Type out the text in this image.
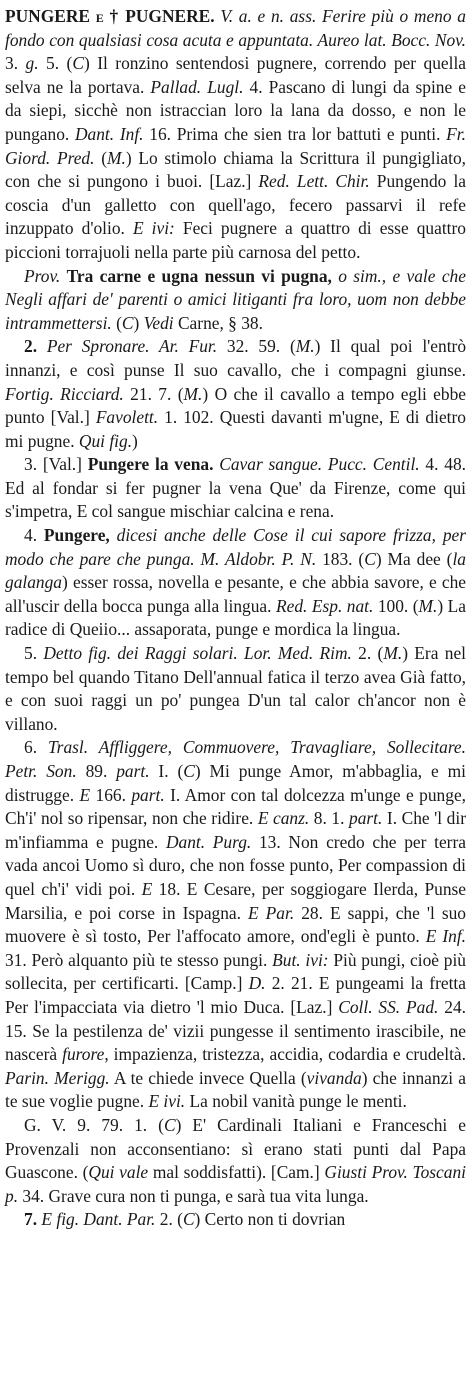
PUNGERE e † PUGNERE. V. a. e n. ass. Ferire più o meno a fondo con qualsiasi cosa acuta e appuntata. Aureo lat. Bocc. Nov. 3. g. 5. (C) Il ronzino sentendosi pugnere, correndo per quella selva ne la portava. Pallad. Lugl. 4. Pascano di lungi da spine e da siepi, sicchè non istraccian loro la lana da dosso, e non le pungano. Dant. Inf. 16. Prima che sien tra lor battuti e punti. Fr. Giord. Pred. (M.) Lo stimolo chiama la Scrittura il pungigliato, con che si pungono i buoi. [Laz.] Red. Lett. Chir. Pungendo la coscia d'un galletto con quell'ago, fecero passarvi il refe inzuppato d'olio. E ivi: Feci pugnere a quattro di esse quattro piccioni torrajuoli nella parte più carnosa del petto.

Prov. Tra carne e ugna nessun vi pugna, o sim., e vale che Negli affari de' parenti o amici litiganti fra loro, uom non debbe intrammettersi. (C) Vedi Carne, § 38.

2. Per Spronare. Ar. Fur. 32. 59. (M.) Il qual poi l'entrò innanzi, e così punse Il suo cavallo, che i compagni giunse. Fortig. Ricciard. 21. 7. (M.) O che il cavallo a tempo egli ebbe punto [Val.] Favolett. 1. 102. Questi davanti m'ugne, E di dietro mi pugne. Qui fig.)

3. [Val.] Pungere la vena. Cavar sangue. Pucc. Centil. 4. 48. Ed al fondar si fer pugner la vena Que' da Firenze, come qui s'impetra, E col sangue mischiar calcina e rena.

4. Pungere, dicesi anche delle Cose il cui sapore frizza, per modo che pare che punga. M. Aldobr. P. N. 183. (C) Ma dee (la galanga) esser rossa, novella e pesante, e che abbia savore, e che all'uscir della bocca punga alla lingua. Red. Esp. nat. 100. (M.) La radice di Queiio... assaporata, punge e mordica la lingua.

5. Detto fig. dei Raggi solari. Lor. Med. Rim. 2. (M.) Era nel tempo bel quando Titano Dell'annual fatica il terzo avea Già fatto, e con suoi raggi un po' pungea D'un tal calor ch'ancor non è villano.

6. Trasl. Affliggere, Commuovere, Travagliare, Sollecitare. Petr. Son. 89. part. I. (C) Mi punge Amor, m'abbaglia, e mi distrugge. E 166. part. I. Amor con tal dolcezza m'unge e punge, Ch'i' nol so ripensar, non che ridire. E canz. 8. 1. part. I. Che 'l dir m'infiamma e pugne. Dant. Purg. 13. Non credo che per terra vada ancoi Uomo sì duro, che non fosse punto, Per compassion di quel ch'i' vidi poi. E 18. E Cesare, per soggiogare Ilerda, Punse Marsilia, e poi corse in Ispagna. E Par. 28. E sappi, che 'l suo muovere è sì tosto, Per l'affocato amore, ond'egli è punto. E Inf. 31. Però alquanto più te stesso pungi. But. ivi: Più pungi, cioè più sollecita, per certificarti. [Camp.] D. 2. 21. E pungeami la fretta Per l'impacciata via dietro 'l mio Duca. [Laz.] Coll. SS. Pad. 24. 15. Se la pestilenza de' vizii pungesse il sentimento irascibile, ne nascerà furore, impazienza, tristezza, accidia, codardia e crudeltà. Parin. Merigg. A te chiede invece Quella (vivanda) che innanzi a te sue voglie pugne. E ivi. La nobil vanità punge le menti.

G. V. 9. 79. 1. (C) E' Cardinali Italiani e Franceschi e Provenzali non acconsentiano: sì erano stati punti dal Papa Guascone. (Qui vale mal soddisfatti). [Cam.] Giusti Prov. Toscani p. 34. Grave cura non ti punga, e sarà tua vita lunga.

7. E fig. Dant. Par. 2. (C) Certo non ti dovrian
